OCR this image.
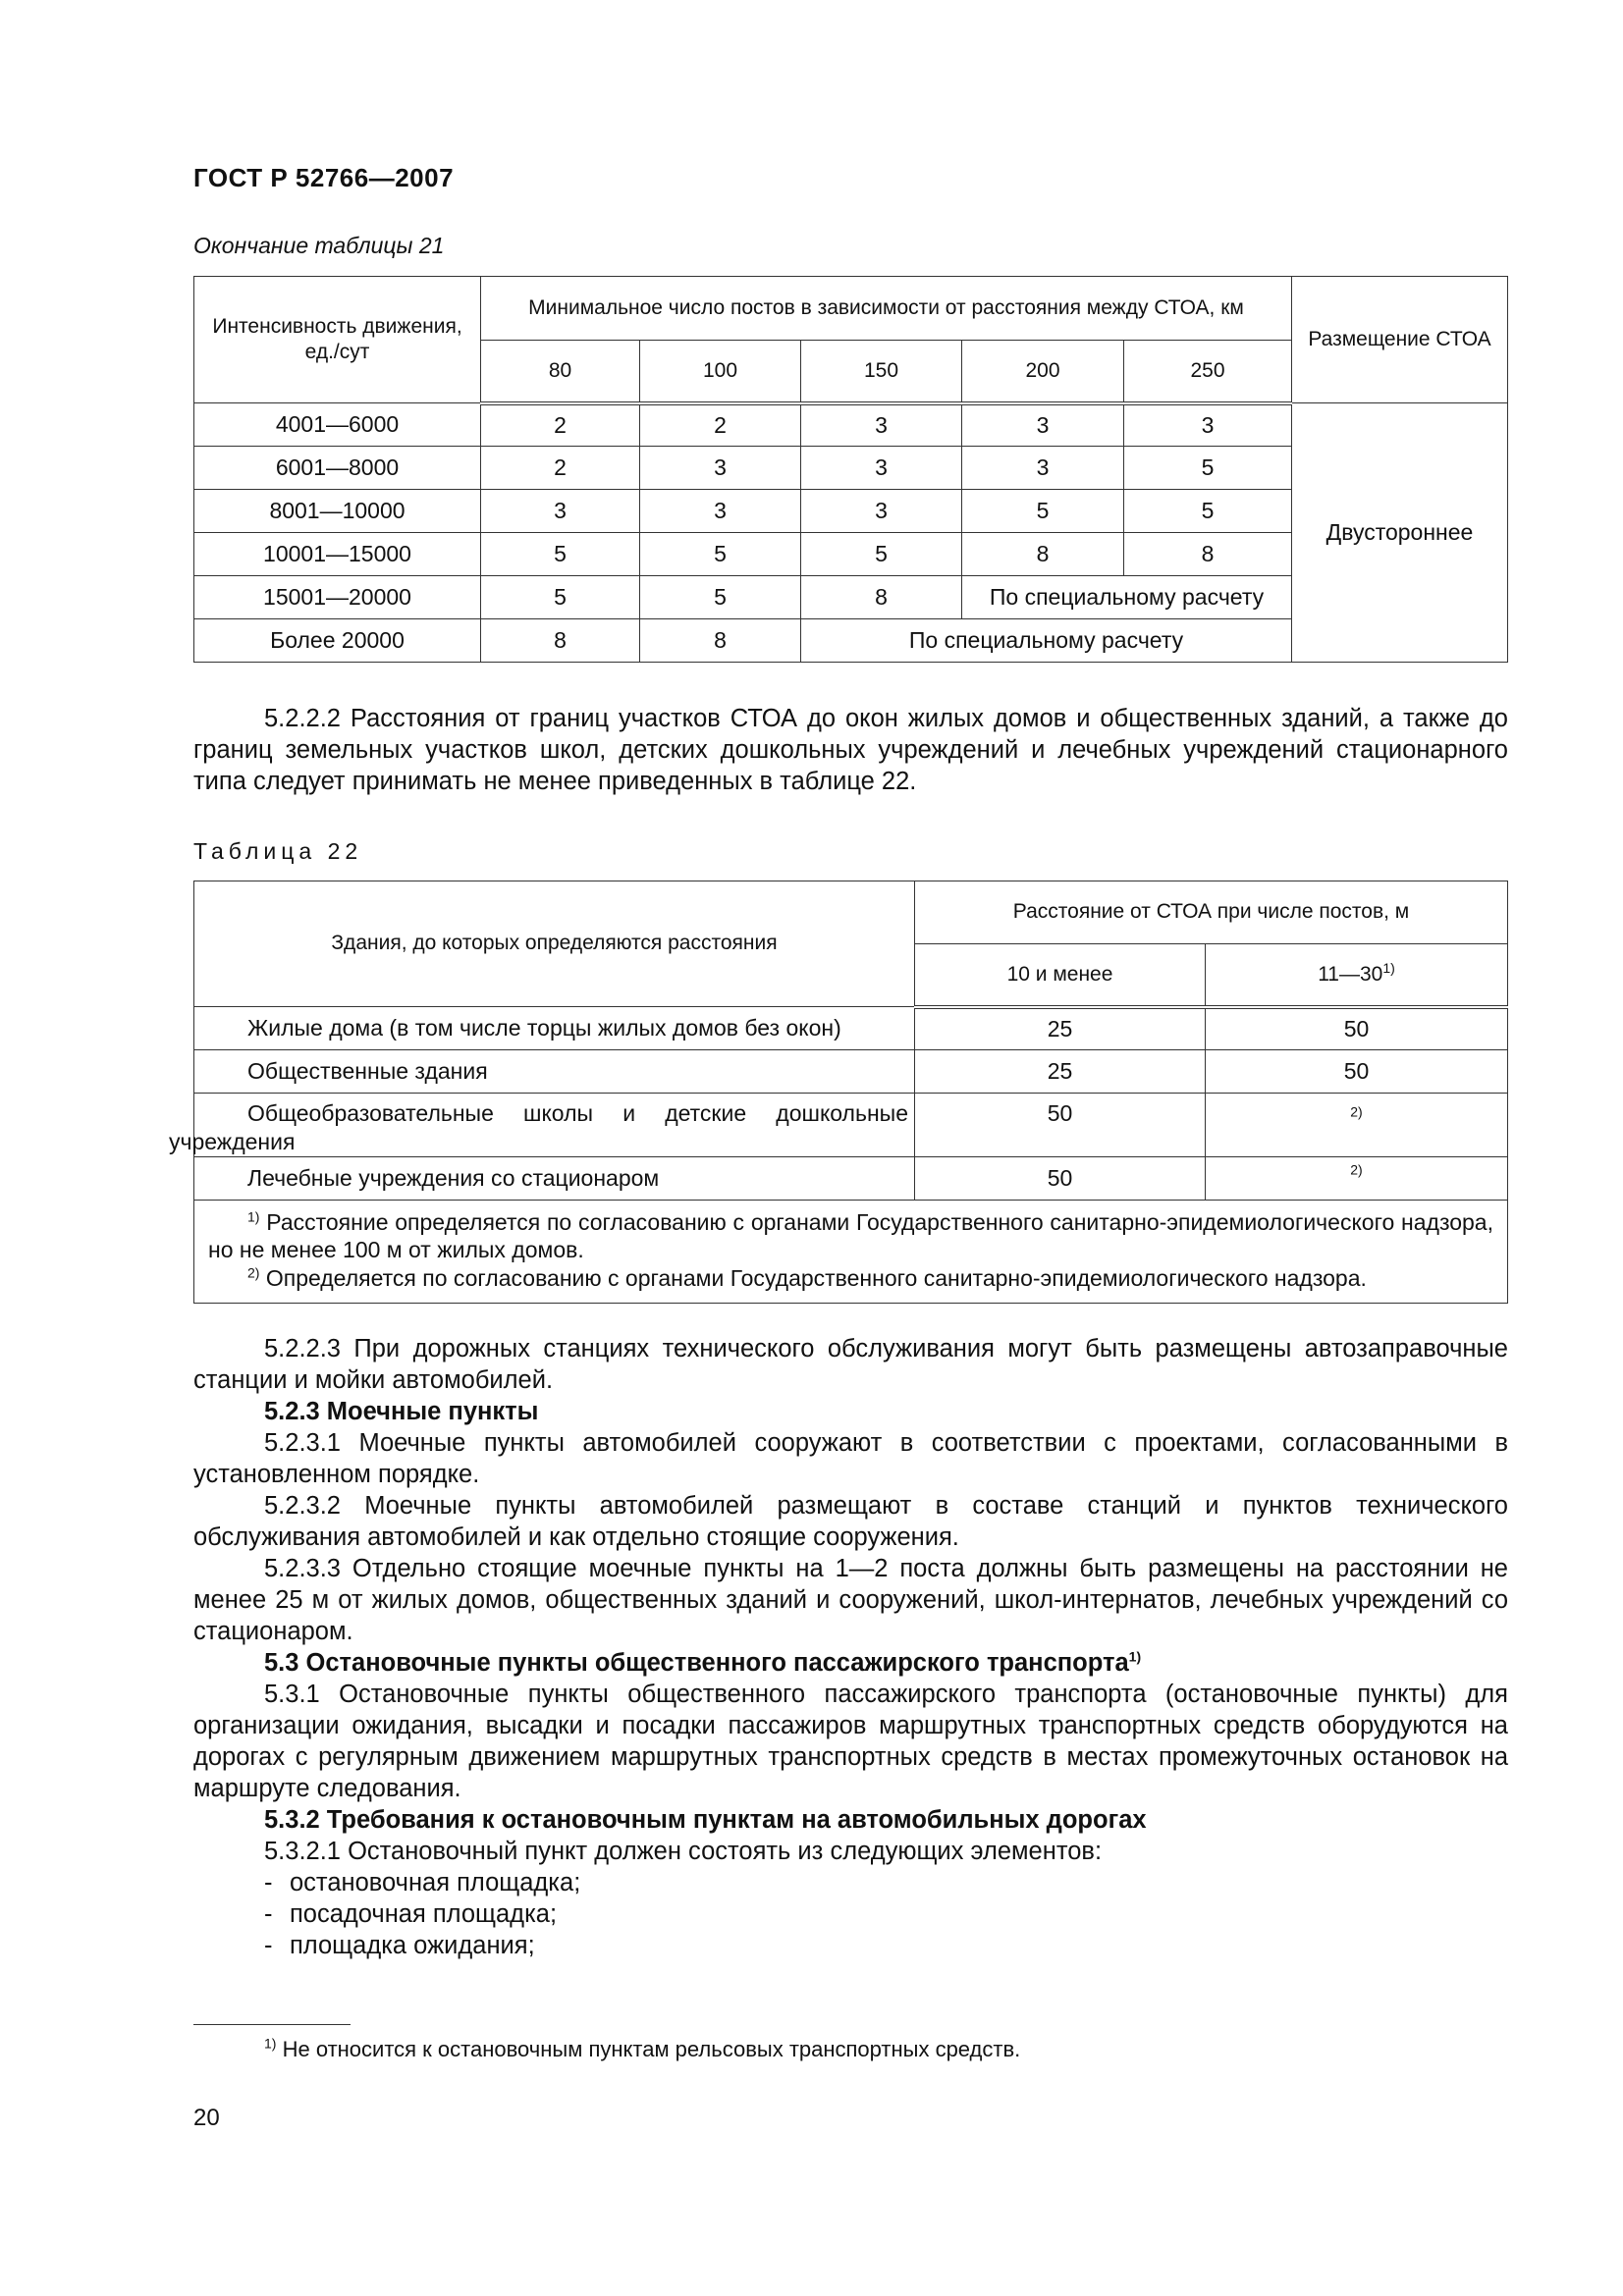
ГОСТ Р 52766—2007
Окончание таблицы 21
Интенсивность движения, ед./сут	Минимальное число постов в зависимости от расстояния между СТОА, км					Размещение СТОА
	80	100	150	200	250	
4001—6000	2	2	3	3	3	Двустороннее
6001—8000	2	3	3	3	5	
8001—10000	3	3	3	5	5	
10001—15000	5	5	5	8	8	
15001—20000	5	5	8	По специальному расчету		
Более 20000	8	8	По специальному расчету			

5.2.2.2 Расстояния от границ участков СТОА до окон жилых домов и общественных зданий, а также до границ земельных участков школ, детских дошкольных учреждений и лечебных учреждений стационарного типа следует принимать не менее приведенных в таблице 22.

Таблица 22
Здания, до которых определяются расстояния	Расстояние от СТОА при числе постов, м	
	10 и менее	11—30$^{1)}$
Жилые дома (в том числе торцы жилых домов без окон)	25	50
Общественные здания	25	50

Общеобразовательные школы и детские дошкольные
учреждения	50	$^{2)}$
Лечебные учреждения со стационаром	50	$^{2)}$

$^{1)}$ Расстояние определяется по согласованию с органами Государственного санитарно-эпидемиологического надзора, но не менее 100 м от жилых домов.
$^{2)}$ Определяется по согласованию с органами Государственного санитарно-эпидемиологического надзора.		

5.2.2.3 При дорожных станциях технического обслуживания могут быть размещены автозаправочные станции и мойки автомобилей.

5.2.3 Моечные пункты

5.2.3.1 Моечные пункты автомобилей сооружают в соответствии с проектами, согласованными в установленном порядке.

5.2.3.2 Моечные пункты автомобилей размещают в составе станций и пунктов технического обслуживания автомобилей и как отдельно стоящие сооружения.

5.2.3.3 Отдельно стоящие моечные пункты на 1—2 поста должны быть размещены на расстоянии не менее 25 м от жилых домов, общественных зданий и сооружений, школ-интернатов, лечебных учреждений со стационаром.

5.3 Остановочные пункты общественного пассажирского транспорта$^{1)}$

5.3.1 Остановочные пункты общественного пассажирского транспорта (остановочные пункты) для организации ожидания, высадки и посадки пассажиров маршрутных транспортных средств оборудуются на дорогах с регулярным движением маршрутных транспортных средств в местах промежуточных остановок на маршруте следования.

5.3.2 Требования к остановочным пунктам на автомобильных дорогах

5.3.2.1 Остановочный пункт должен состоять из следующих элементов:

- остановочная площадка;

- посадочная площадка;

- площадка ожидания;

$^{1)}$ Не относится к остановочным пунктам рельсовых транспортных средств.
20
